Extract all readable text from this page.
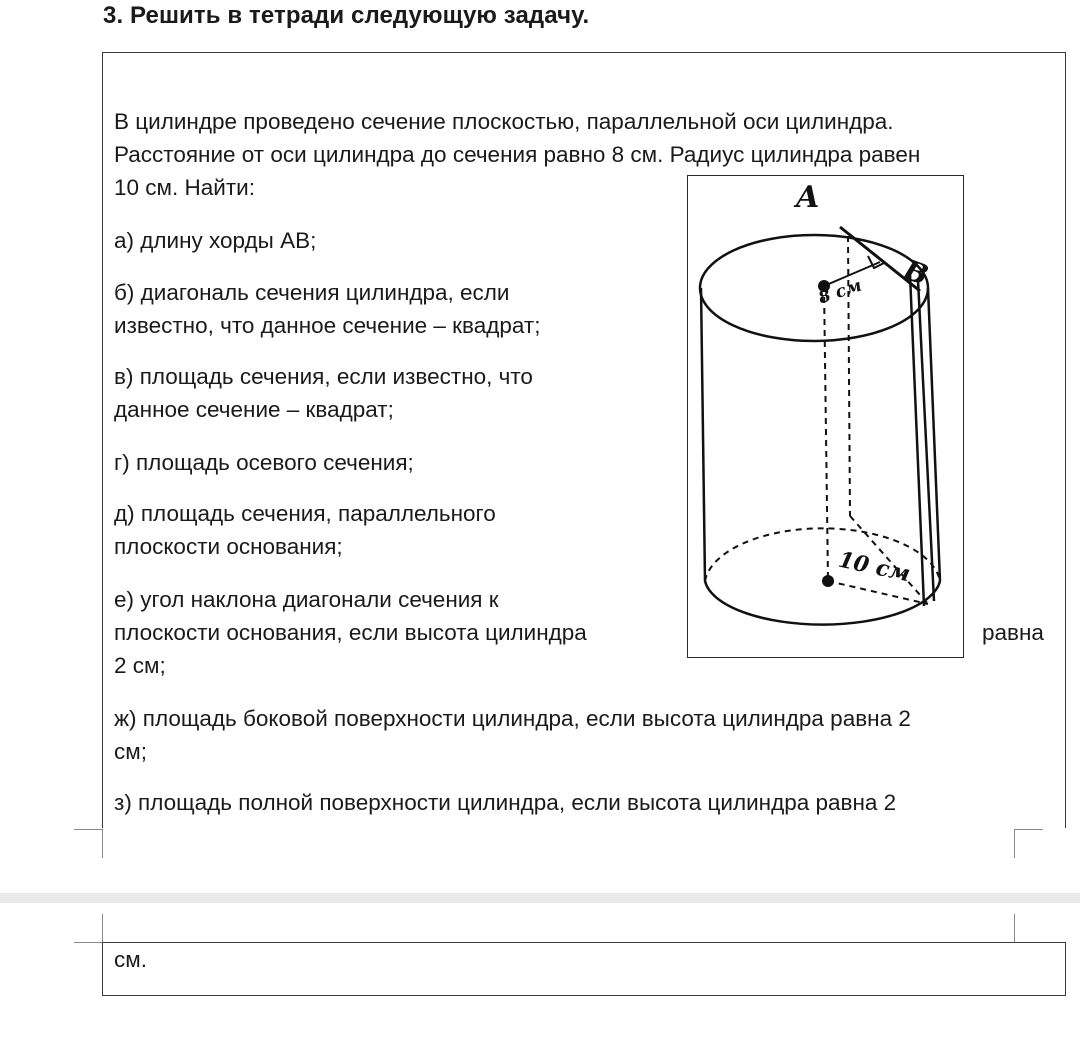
3. Решить в тетради следующую задачу.
В цилиндре проведено сечение плоскостью, параллельной оси цилиндра.
Расстояние от оси цилиндра до сечения равно 8 см. Радиус цилиндра равен
10 см. Найти:
а) длину хорды AB;
б) диагональ сечения цилиндра, если
известно, что данное сечение – квадрат;
в) площадь сечения, если известно, что
данное сечение – квадрат;
г) площадь осевого сечения;
д) площадь сечения, параллельного
плоскости основания;
е) угол наклона диагонали сечения к
плоскости основания, если высота цилиндра	равна
2 см;
ж) площадь боковой поверхности цилиндра, если высота цилиндра равна 2
см;
з) площадь полной поверхности цилиндра, если высота цилиндра равна 2
A
B
8 см
10 см
см.
